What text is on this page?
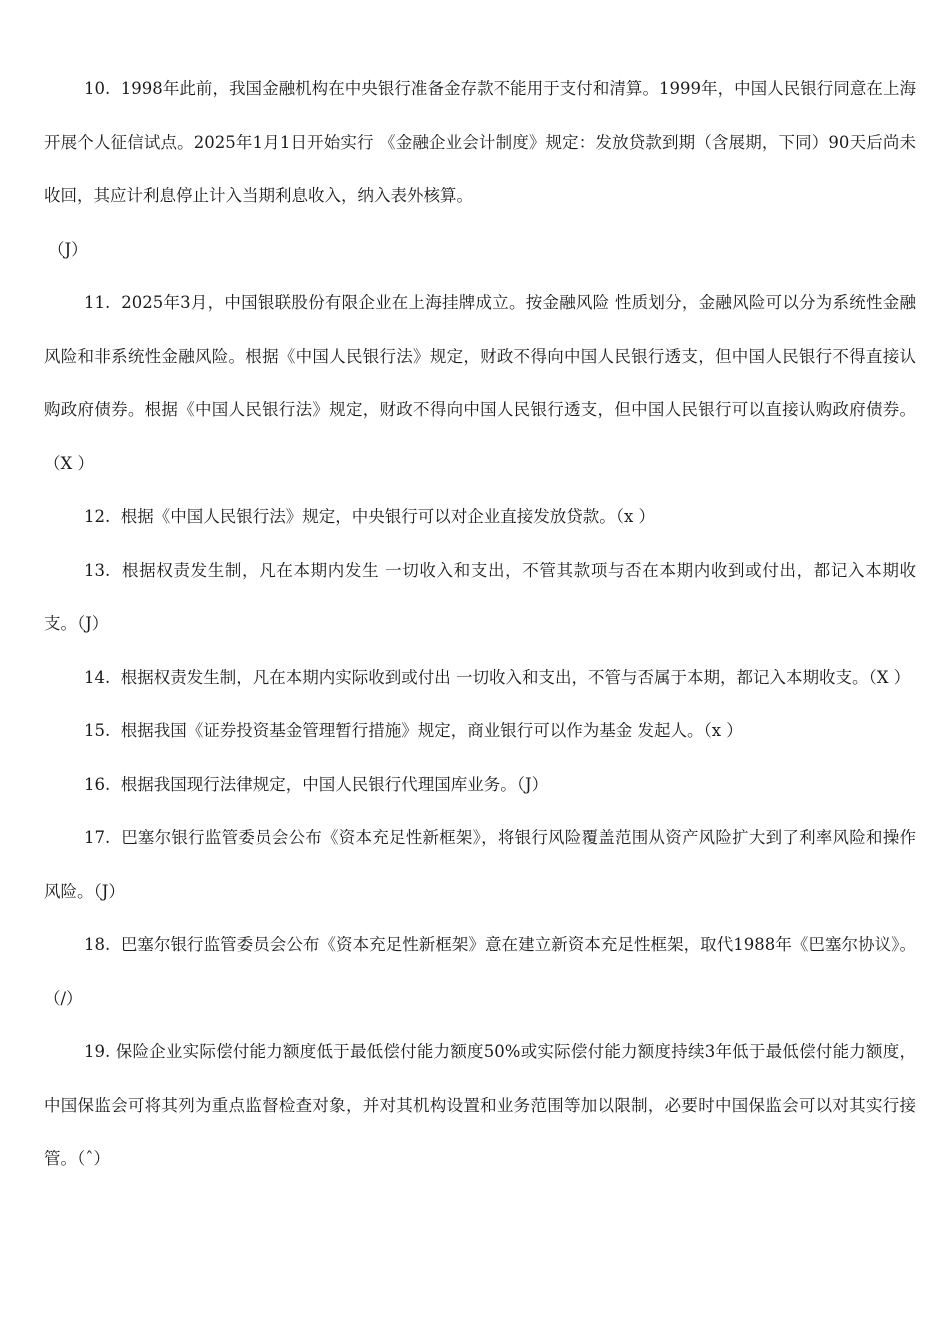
10.  1998年此前，我国金融机构在中央银行准备金存款不能用于支付和清算。1999年，中国人民银行同意在上海开展个人征信试点。2025年1月1日开始实行 《金融企业会计制度》规定：发放贷款到期（含展期，下同）90天后尚未收回，其应计利息停止计入当期利息收入，纳入表外核算。

（J）

11.  2025年3月，中国银联股份有限企业在上海挂牌成立。按金融风险 性质划分，金融风险可以分为系统性金融风险和非系统性金融风险。根据《中国人民银行法》规定，财政不得向中国人民银行透支，但中国人民银行不得直接认购政府债券。根据《中国人民银行法》规定，财政不得向中国人民银行透支，但中国人民银行可以直接认购政府债券。（X ）

12.  根据《中国人民银行法》规定，中央银行可以对企业直接发放贷款。（x ）

13.  根据权责发生制，凡在本期内发生 一切收入和支出，不管其款项与否在本期内收到或付出，都记入本期收支。（J）

14.  根据权责发生制，凡在本期内实际收到或付出 一切收入和支出，不管与否属于本期，都记入本期收支。（X ）

15.  根据我国《证券投资基金管理暂行措施》规定，商业银行可以作为基金 发起人。（x ）

16.  根据我国现行法律规定，中国人民银行代理国库业务。（J）

17.  巴塞尔银行监管委员会公布《资本充足性新框架》，将银行风险覆盖范围从资产风险扩大到了利率风险和操作风险。（J）

18.  巴塞尔银行监管委员会公布《资本充足性新框架》意在建立新资本充足性框架，取代1988年《巴塞尔协议》。（/）

19. 保险企业实际偿付能力额度低于最低偿付能力额度50%或实际偿付能力额度持续3年低于最低偿付能力额度，中国保监会可将其列为重点监督检查对象，并对其机构设置和业务范围等加以限制，必要时中国保监会可以对其实行接管。（ˆ）
